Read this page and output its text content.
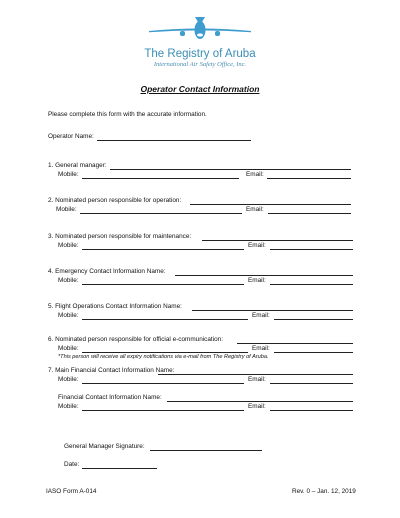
The Registry of Aruba
International Air Safety Office, Inc.
Operator Contact Information
Please complete this form with the accurate information.
Operator Name:
1. General manager:
Mobile:	Email:
2. Nominated person responsible for operation:
Mobile:	Email:
3. Nominated person responsible for maintenance:
Mobile:	Email:
4. Emergency Contact Information Name:
Mobile:	Email:
5. Flight Operations Contact Information Name:
Mobile:	Email:
6. Nominated person responsible for official e-communication:
Mobile:	Email:
*This person will receive all expiry notifications via e-mail from The Registry of Aruba.
7. Main Financial Contact Information Name:
Mobile:	Email:
Financial Contact Information Name:
Mobile:	Email:
General Manager Signature:
Date:
IASO Form A-014	Rev. 0 – Jan. 12, 2019
